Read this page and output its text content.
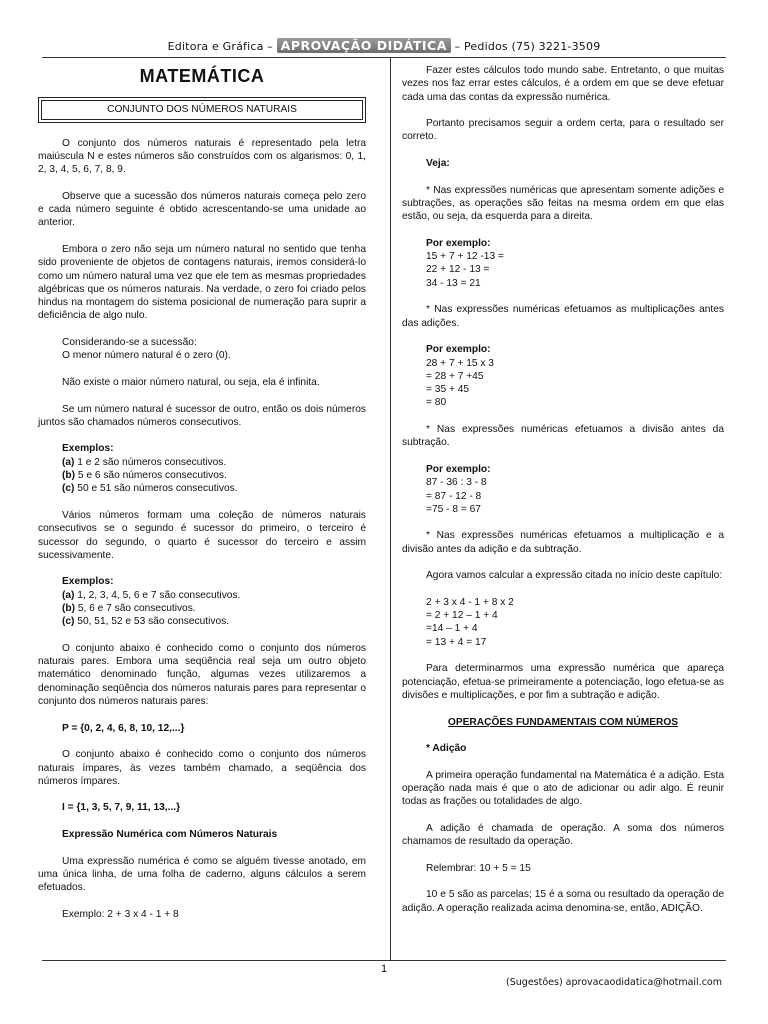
Editora e Gráfica – APROVAÇÃO DIDÁTICA – Pedidos (75) 3221-3509
MATEMÁTICA
CONJUNTO DOS NÚMEROS NATURAIS

O conjunto dos números naturais é representado pela letra maiúscula N e estes números são construídos com os algarismos: 0, 1, 2, 3, 4, 5, 6, 7, 8, 9.

Observe que a sucessão dos números naturais começa pelo zero e cada número seguinte é obtido acrescentando-se uma unidade ao anterior.

Embora o zero não seja um número natural no sentido que tenha sido proveniente de objetos de contagens naturais, iremos considerá-lo como um número natural uma vez que ele tem as mesmas propriedades algébricas que os números naturais. Na verdade, o zero foi criado pelos hindus na montagem do sistema posicional de numeração para suprir a deficiência de algo nulo.

Considerando-se a sucessão:
O menor número natural é o zero (0).

Não existe o maior número natural, ou seja, ela é infinita.

Se um número natural é sucessor de outro, então os dois números juntos são chamados números consecutivos.

Exemplos:
(a) 1 e 2 são números consecutivos.
(b) 5 e 6 são números consecutivos.
(c) 50 e 51 são números consecutivos.

Vários números formam uma coleção de números naturais consecutivos se o segundo é sucessor do primeiro, o terceiro é sucessor do segundo, o quarto é sucessor do terceiro e assim sucessivamente.

Exemplos:
(a) 1, 2, 3, 4, 5, 6 e 7 são consecutivos.
(b) 5, 6 e 7 são consecutivos.
(c) 50, 51, 52 e 53 são consecutivos.

O conjunto abaixo é conhecido como o conjunto dos números naturais pares. Embora uma seqüência real seja um outro objeto matemático denominado função, algumas vezes utilizaremos a denominação seqüência dos números naturais pares para representar o conjunto dos números naturais pares:

P = {0, 2, 4, 6, 8, 10, 12,...}

O conjunto abaixo é conhecido como o conjunto dos números naturais ímpares, às vezes também chamado, a seqüência dos números ímpares.

I = {1, 3, 5, 7, 9, 11, 13,...}
Expressão Numérica com Números Naturais

Uma expressão numérica é como se alguém tivesse anotado, em uma única linha, de uma folha de caderno, alguns cálculos a serem efetuados.

Exemplo: 2 + 3 x 4 - 1 + 8

Fazer estes cálculos todo mundo sabe. Entretanto, o que muitas vezes nos faz errar estes cálculos, é a ordem em que se deve efetuar cada uma das contas da expressão numérica.

Portanto precisamos seguir a ordem certa, para o resultado ser correto.

Veja:

* Nas expressões numéricas que apresentam somente adições e subtrações, as operações são feitas na mesma ordem em que elas estão, ou seja, da esquerda para a direita.

Por exemplo:
15 + 7 + 12 -13 =
22 + 12 - 13 =
34 - 13 = 21

* Nas expressões numéricas efetuamos as multiplicações antes das adições.

Por exemplo:
28 + 7 + 15 x 3
= 28 + 7 +45
= 35 + 45
= 80

* Nas expressões numéricas efetuamos a divisão antes da subtração.

Por exemplo:
87 - 36 : 3 - 8
= 87 - 12 - 8
=75 - 8 = 67

* Nas expressões numéricas efetuamos a multiplicação e a divisão antes da adição e da subtração.

Agora vamos calcular a expressão citada no início deste capítulo:

2 + 3 x 4 - 1 + 8 x 2
= 2 + 12 – 1 + 4
=14 – 1 + 4
= 13 + 4 = 17

Para determinarmos uma expressão numérica que apareça potenciação, efetua-se primeiramente a potenciação, logo efetua-se as divisões e multiplicações, e por fim a subtração e adição.

OPERAÇÕES FUNDAMENTAIS COM NÚMEROS
* Adição

A primeira operação fundamental na Matemática é a adição. Esta operação nada mais é que o ato de adicionar ou adir algo. É reunir todas as frações ou totalidades de algo.

A adição é chamada de operação. A soma dos números chamamos de resultado da operação.

Relembrar: 10 + 5 = 15

10 e 5 são as parcelas; 15 é a soma ou resultado da operação de adição. A operação realizada acima denomina-se, então, ADIÇÃO.

1
(Sugestões) aprovacaodidatica@hotmail.com
